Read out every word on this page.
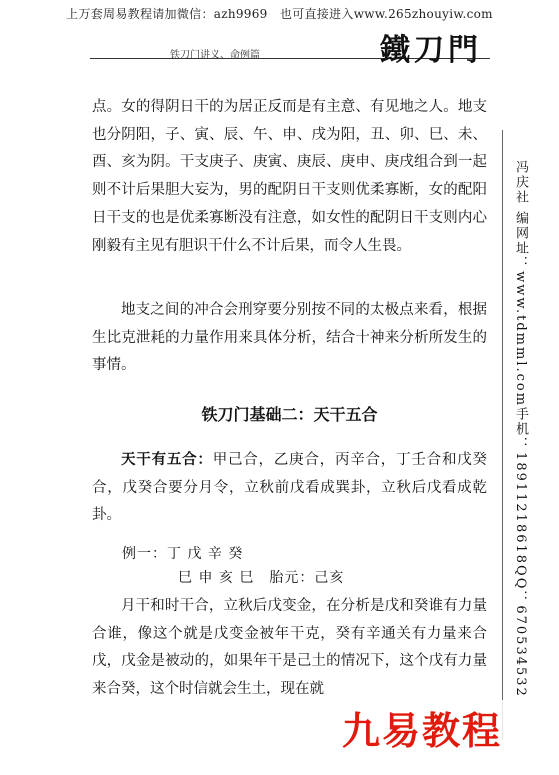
上万套周易教程请加微信：azh9969　也可直接进入www.265zhouyiw.com
铁刀门讲义、命例篇	鐵刀門

点。女的得阴日干的为居正反而是有主意、有见地之人。地支也分阴阳，子、寅、辰、午、申、戌为阳，丑、卯、巳、未、酉、亥为阴。干支庚子、庚寅、庚辰、庚申、庚戌组合到一起则不计后果胆大妄为，男的配阴日干支则优柔寡断，女的配阳日干支的也是优柔寡断没有注意，如女性的配阴日干支则内心刚毅有主见有胆识干什么不计后果，而令人生畏。

地支之间的冲合会刑穿要分别按不同的太极点来看，根据生比克泄耗的力量作用来具体分析，结合十神来分析所发生的事情。

铁刀门基础二：天干五合

天干有五合：甲己合，乙庚合，丙辛合，丁壬合和戊癸合，戊癸合要分月令，立秋前戊看成巽卦，立秋后戊看成乾卦。

例一：丁 戊 辛 癸
巳 申 亥 巳　胎元：己亥

月干和时干合，立秋后戊变金，在分析是戊和癸谁有力量合谁，像这个就是戊变金被年干克，癸有辛通关有力量来合戊，戊金是被动的，如果年干是己土的情况下，这个戊有力量来合癸，这个时信就会生土，现在就

冯庆社 编网址：www.tdmml.com手机：18911218618QQ：670534532
九易教程
